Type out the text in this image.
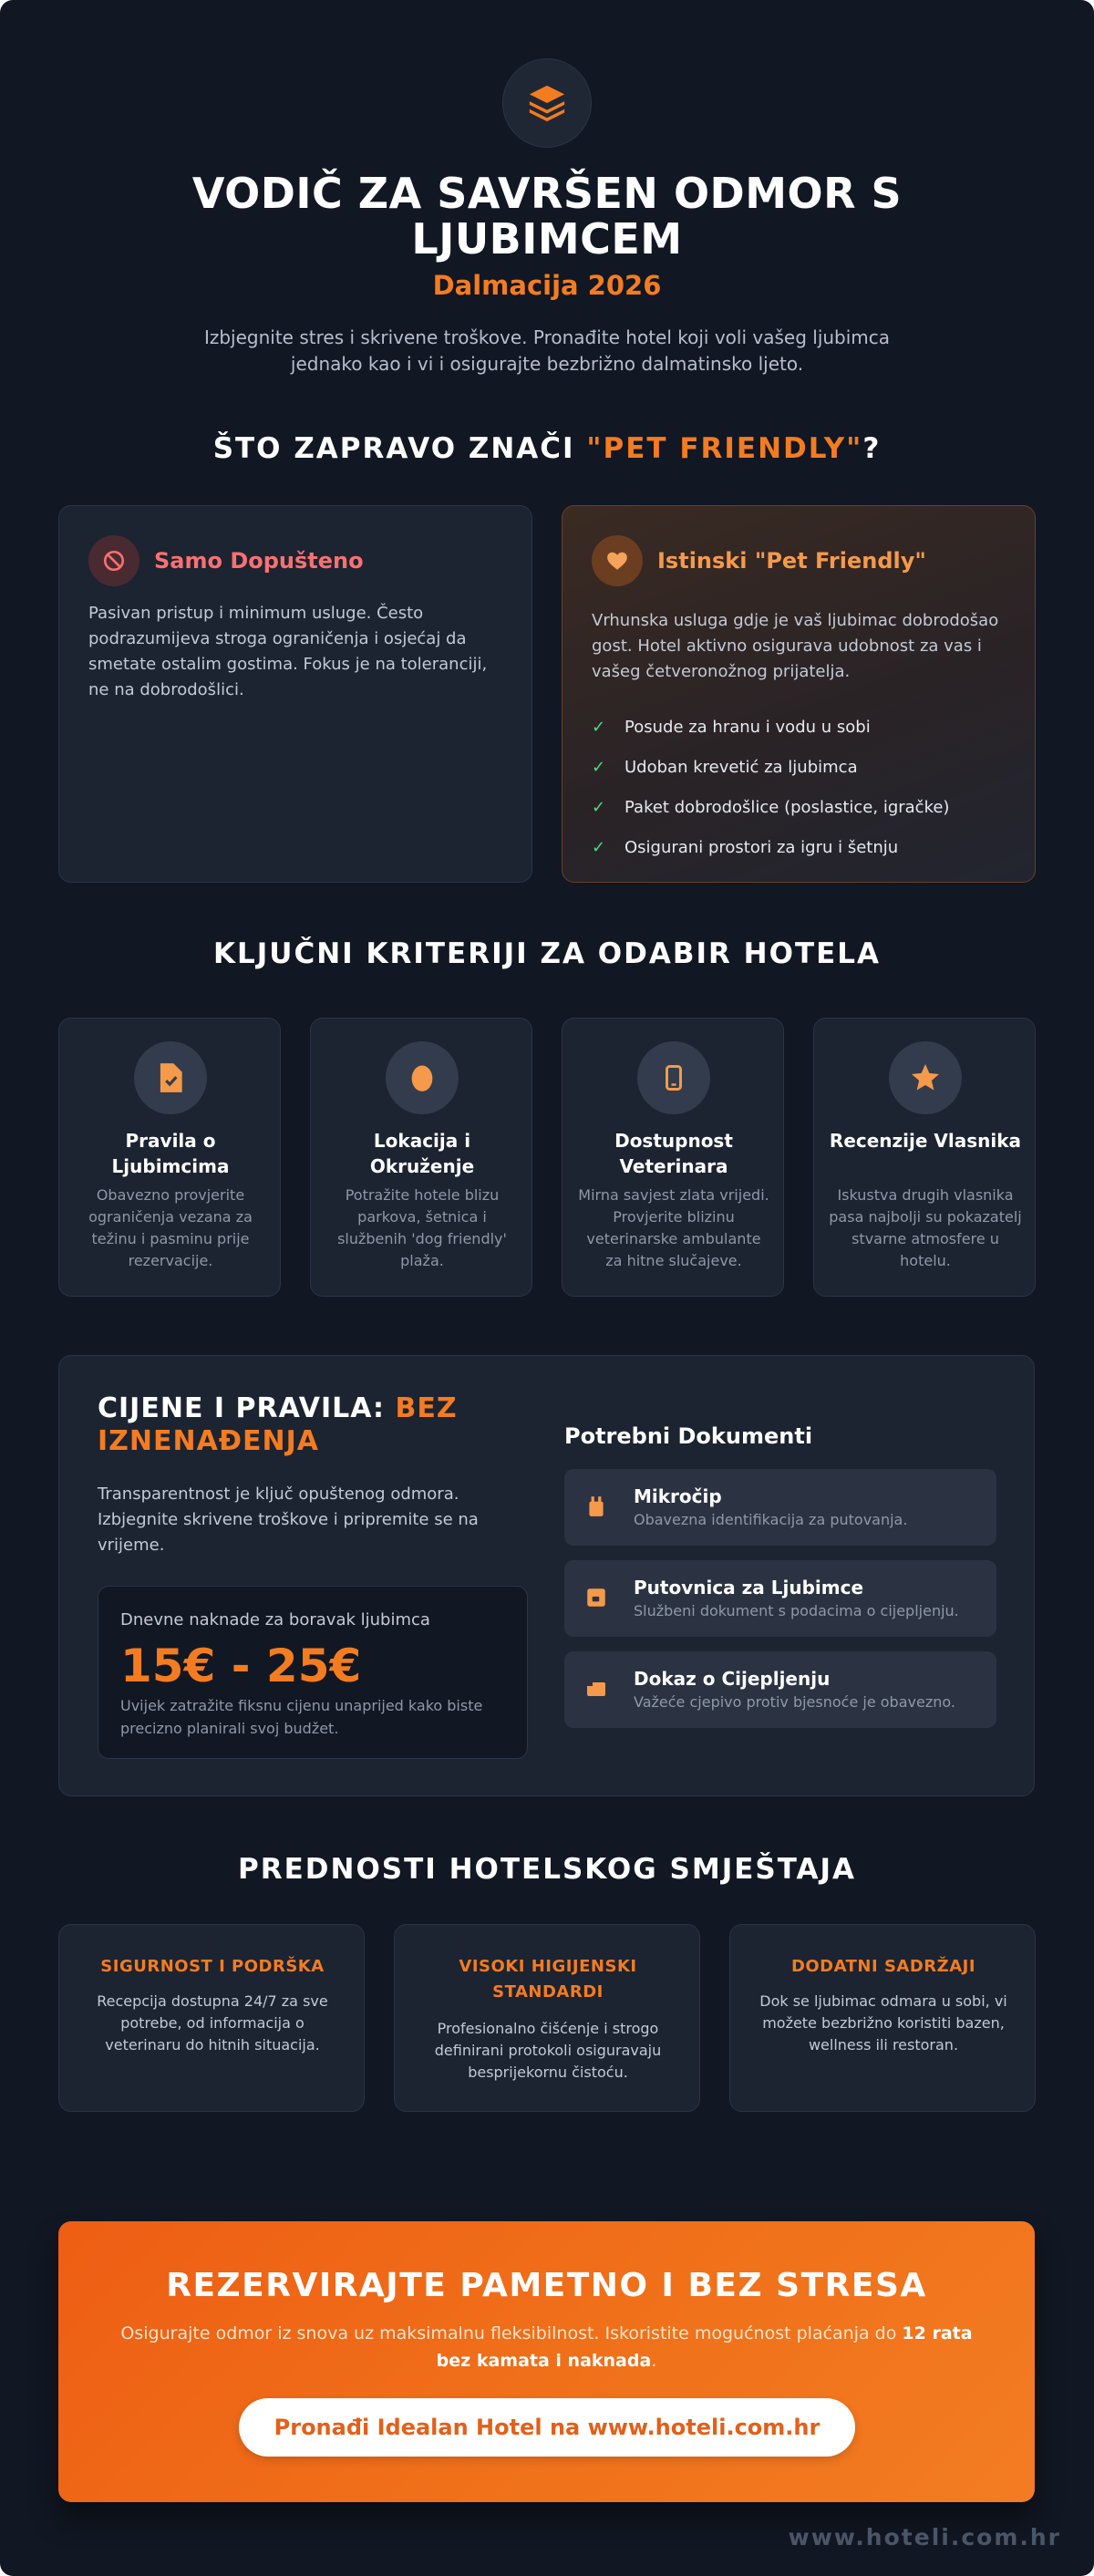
VODIČ ZA SAVRŠEN ODMOR S LJUBIMCEM
Dalmacija 2026

Izbjegnite stres i skrivene troškove. Pronađite hotel koji voli vašeg ljubimca jednako kao i vi i osigurajte bezbrižno dalmatinsko ljeto.

ŠTO ZAPRAVO ZNAČI "PET FRIENDLY"?
Samo Dopušteno

Pasivan pristup i minimum usluge. Često podrazumijeva stroga ograničenja i osjećaj da smetate ostalim gostima. Fokus je na toleranciji, ne na dobrodošlici.

Istinski "Pet Friendly"

Vrhunska usluga gdje je vaš ljubimac dobrodošao gost. Hotel aktivno osigurava udobnost za vas i vašeg četveronožnog prijatelja.

✓	Posude za hranu i vodu u sobi
✓	Udoban krevetić za ljubimca
✓	Paket dobrodošlice (poslastice, igračke)
✓	Osigurani prostori za igru i šetnju
KLJUČNI KRITERIJI ZA ODABIR HOTELA
Pravila o Ljubimcima
Obavezno provjerite ograničenja vezana za težinu i pasminu prije rezervacije.
Lokacija i Okruženje
Potražite hotele blizu parkova, šetnica i službenih 'dog friendly' plaža.
Dostupnost Veterinara
Mirna savjest zlata vrijedi. Provjerite blizinu veterinarske ambulante za hitne slučajeve.
Recenzije Vlasnika
Iskustva drugih vlasnika pasa najbolji su pokazatelj stvarne atmosfere u hotelu.
CIJENE I PRAVILA: BEZ IZNENAĐENJA

Transparentnost je ključ opuštenog odmora. Izbjegnite skrivene troškove i pripremite se na vrijeme.

Dnevne naknade za boravak ljubimca
15€ - 25€
Uvijek zatražite fiksnu cijenu unaprijed kako biste precizno planirali svoj budžet.
Potrebni Dokumenti
Mikročip
Obavezna identifikacija za putovanja.
Putovnica za Ljubimce
Službeni dokument s podacima o cijepljenju.
Dokaz o Cijepljenju
Važeće cjepivo protiv bjesnoće je obavezno.
PREDNOSTI HOTELSKOG SMJEŠTAJA
SIGURNOST I PODRŠKA
Recepcija dostupna 24/7 za sve potrebe, od informacija o veterinaru do hitnih situacija.
VISOKI HIGIJENSKI STANDARDI
Profesionalno čišćenje i strogo definirani protokoli osiguravaju besprijekornu čistoću.
DODATNI SADRŽAJI
Dok se ljubimac odmara u sobi, vi možete bezbrižno koristiti bazen, wellness ili restoran.
REZERVIRAJTE PAMETNO I BEZ STRESA

Osigurajte odmor iz snova uz maksimalnu fleksibilnost. Iskoristite mogućnost plaćanja do 12 rata bez kamata i naknada.

Pronađi Idealan Hotel na www.hoteli.com.hr
www.hoteli.com.hr
